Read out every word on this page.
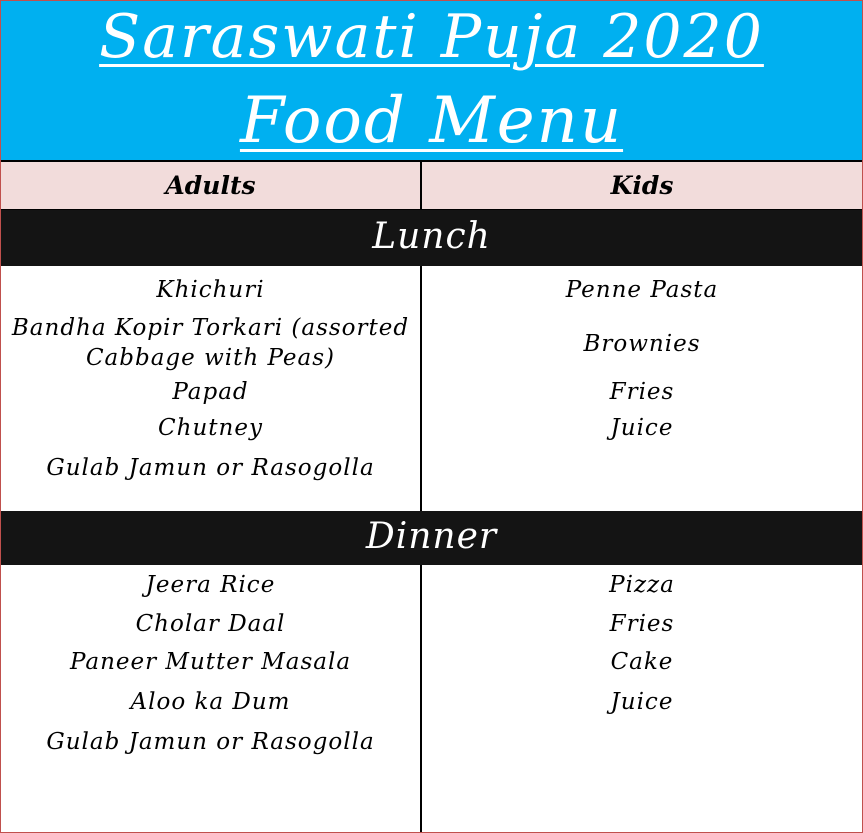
Saraswati Puja 2020
Food Menu
Adults	Kids
Lunch
Khichuri
Bandha Kopir Torkari (assorted Cabbage with Peas)
Papad
Chutney
Gulab Jamun or Rasogolla
Penne Pasta
Brownies
Fries
Juice
Dinner
Jeera Rice
Cholar Daal
Paneer Mutter Masala
Aloo ka Dum
Gulab Jamun or Rasogolla
Pizza
Fries
Cake
Juice
